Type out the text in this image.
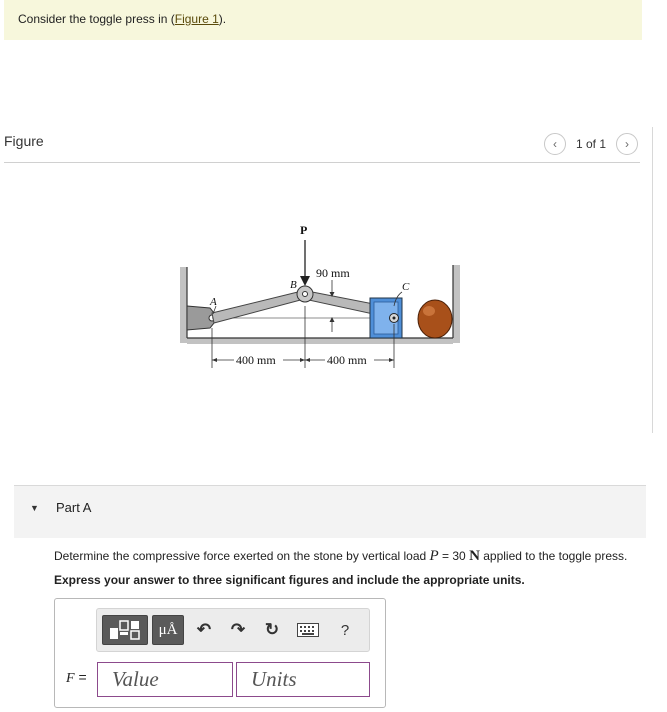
Consider the toggle press in (Figure 1).
Figure	‹ 1 of 1 ›
P
90 mm
A
B	C
400 mm	400 mm
▼ Part A
Determine the compressive force exerted on the stone by vertical load P = 30 N applied to the toggle press.
Express your answer to three significant figures and include the appropriate units.
μÅ ↶ ↷ ↻	?
F =	Value	Units
